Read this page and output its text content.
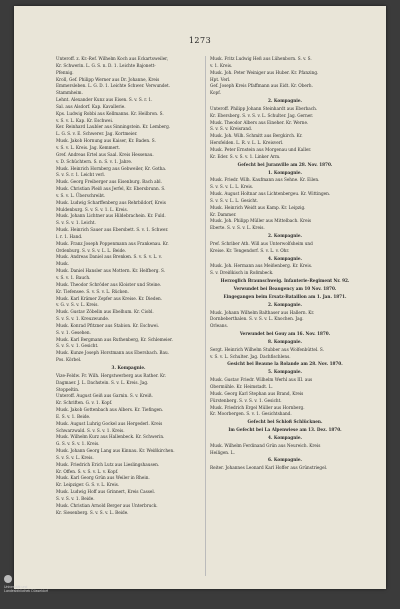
1273
Unteroff. z. Kr.-Ref. Wilhelm Koch aus Eckartsweiler,
Kr. Schwerin. L. G. S. n. D. 1. Leichte Bajonett-
Pfennig.
Kroll, Gef. Philipp Werner aus Dr. Johanne, Kreis
Emmersleben. L. G. D. 1. Leichte Schwer. Verwundet.
Stammheim.
Lehnt. Alexander Kunz aus Eisen. S. v. S. r. 1.
Sal. aus Alsdorf. Kap. Kavallerie.
Kps. Ludwig Robbi aus Kellmanns. Kr. Heilbron. S.
v. S. v. L. Kap. Kr. Eschwei.
Ker. Reinhard Laubler aus Sinningstein. Kr. Lemberg.
L. G. S. v. E. Schwerer. Jag. Kortmeier.
Musk. Jakob Hornung aus Kaiser, Kr. Baden. S.
v. S. v. L. Kreis. Jag. Kemmert.
Gref. Andreas Ertel aus Saal. Kreis Hessenau.
v. D. Schüchtern. S. n. S. v. 1. Jahre.
Musk. Heinrich Hornberg aus Gebweiler, Kr. Gotha.
S. v. S. r. 1. Leicht verl.
Musk. Georg Freiberger aus Eisenburg. Bach abl.
Musk. Christian Pleiß aus Jerfel, Kr. Ebersbrunn. S.
v. S. v. L. Überschreibt.
Musk. Ludwig Scharffenberg aus Rehrbildorf, Kreis
Muldenburg. S. v. S. v. 1. L. Kreis.
Musk. Johann Lichtner aus Hildebrachein. Kr. Fuld.
S. v. S. v. 1. Leicht.
Musk. Heinrich Sauer aus Ebersbett. S. v. 1. Schwer.
l. r. 1. Hand.
Musk. Franz Joseph Poppenmann aus Frankenau. Kr.
Ordenburg. S. v. S. v. L. L. Beide.
Musk. Andreas Daniel aus Brenken. S. v. S. v. L. v.
Musk.
Musk. Daniel Hansler aus Mottern. Kr. Helfberg. S.
v. S. v. 1. Bauch.
Musk. Theodor Schröder aus Kloister und Steine.
Kr. Tiefensee. S. v. S. v. L. Rücken.
Musk. Karl Krämer Zepfer aus Kreise. Kr. Dieden.
v. G. v. S. v. L. Kreis.
Musk. Gustav Zöbelin aus Ebelhum. Kr. Ciobl.
S. v. S. v. 1. Kreuzwunde.
Musk. Konrad Pfitzner aus Stabion. Kr. Eschwei.
S. v. 1. Gesehen.
Musk. Karl Bergmann aus Ruthenberg, Kr. Schlemeier.
S. v. S. v. 1. Gesicht.
Musk. Kunze Joseph Horstmann aus Ebersbach. Bau.
Pos. Körbel.
3. Kompagnie.
Vize-Feldw. Fr. Wilh. Hergstwerberg aus Rather. Kr.
Dagmaer. J. L. Dachstein. S. v. L. Kreis. Jag.
Stoppeltin.
Unteroff. August Geiß aus Garnin. S. v. Kreiß.
Kr. Schriften. G. v. 1. Kopf.
Musk. Jakob Gottenbach aus Albers. Kr. Tiefingen.
E. S. v. 1. Beide.
Musk. August Luhrig Gockel aus Hergederl. Kreis
Schwarzwald. S. v. S. v. 1. Kreis.
Musk. Wilhelm Kurz aus Hallenbeck. Kr. Schwerin.
G. S. v. S. v. 1. Kreis.
Musk. Johann Georg Lang aus Kinnau. Kr. Weißkirchen.
S. v. S. v. L. Kreis.
Musk. Friedrich Erich Lutz aus Lieslingshausen.
Kr. Offen. S. v. S. v. L. v. Kopf.
Musk. Karl Georg Grün aus Weiler in Rhein.
Kr. Leipziger. G. S. v. L. Kreis.
Musk. Ludwig Hoff aus Grinnert, Kreis Cassel.
S. v. S. v. 1. Beide.
Musk. Christian Arnold Berger aus Unterbruck.
Kr. Siesenberg. S. v. S. v. L. Beide.
Musk. Fritz Ludwig Heß aus Lühenborn. S. v. S.
v. 1. Kreis.
Musk. Joh. Peter Weiniger aus Huber. Kr. Pfanzing.
Hpt. Verl.
Gef. Joseph Kreis Pfaffmann aus Eidt. Kr. Oberh.
Kopf.
2. Kompagnie.
Unteroff. Philipp Johann Steinhardt aus Eberbach.
Kr. Ebersberg. S. v. S. v. L. Schulter. Jag. Gerner.
Musk. Theodor Albers aus Eineher. Kr. Werne.
S. v. S. v. Kreisrand.
Musk. Joh. Wilh. Schmitt aus Bergkirch. Kr.
Hersfelden. L. R. v. L. L. Kreisverl.
Musk. Peter Ernstein aus Morgenau und Kaller.
Kr. Eder. S. v. S. v. 1. Linker Arm.
Gefecht bei Juranville am 28. Nov. 1870.
1. Kompagnie.
Musk. Friedr. Wilh. Kaufmann aus Sehne. Kr. Eilen.
S. v. S. v. L. L. Kreis.
Musk. August Holtnar aus Lichtenbergeu. Kr. Wittingen.
S. v. S. v. L. L. Gesicht.
Musk. Heinrich Weidt aus Kamp. Kr. Leipzig.
Kr. Dammer.
Musk. Joh. Philipp Müller aus Mittelbach. Kreis
Eberte. S. v. S. v. L. Kreis.
2. Kompagnie.
Pref. Schriber Ath. Will aus Unterwolfsheim und
Kreise. Kr. Tengendorf. S. v. L. v. Ohr.
4. Kompagnie.
Musk. Joh. Hermann aus Meißenberg. Kr. Kreis.
S. v. Dreißkisch in Roßmbeck.
Herzoglich Braunschweig. Infanterie-Regiment Nr. 92.
Verwundet bei Beaugency am 10 Nov. 1870.
Eingegangen beim Ersatz-Bataillon am 1. Jan. 1871.
2. Kompagnie.
Musk. Johann Wilhelm Balthaser aus Hallern. Kr.
Dornbeberthalen. S. v. S. v. L. Knochen. Jag.
Orleans.
Verwundet bei Gouy am 16. Nov. 1870.
8. Kompagnie.
Sergt. Heinrich Wilhelm Stubber aus Wolfenbüttel. S.
v. S. v. L. Schulter. Jag. Dachfischlens.
Gesicht bei Beaune la Rolande am 28. Nov. 1870.
5. Kompagnie.
Musk. Gustav Friedr. Wilhelm Werhl aus III. aus
Obermühle. Kr. Heimstadt. L.
Musk. Georg Karl Stephan aus Brand, Kreis
Fürstenberg. S. v. S. v. 1. Gesicht.
Musk. Friedrich Ergel Müller aus Hornberg.
Kr. Moorbergen. S. v. 1. Gesichtshand.
Gefecht bei Schloß Schlücknen.
Im Gefecht bei La Alpenwiese am 13. Dez. 1870.
4. Kompagnie.
Musk. Wilhelm Ferdinand Grün aus Neureich. Kreis
Heiligen. L.
6. Kompagnie.
Reiter. Johannes Leonard Karl Hoffer aus Grünstriegel.
Universität und
Landesbibliothek Düsseldorf
